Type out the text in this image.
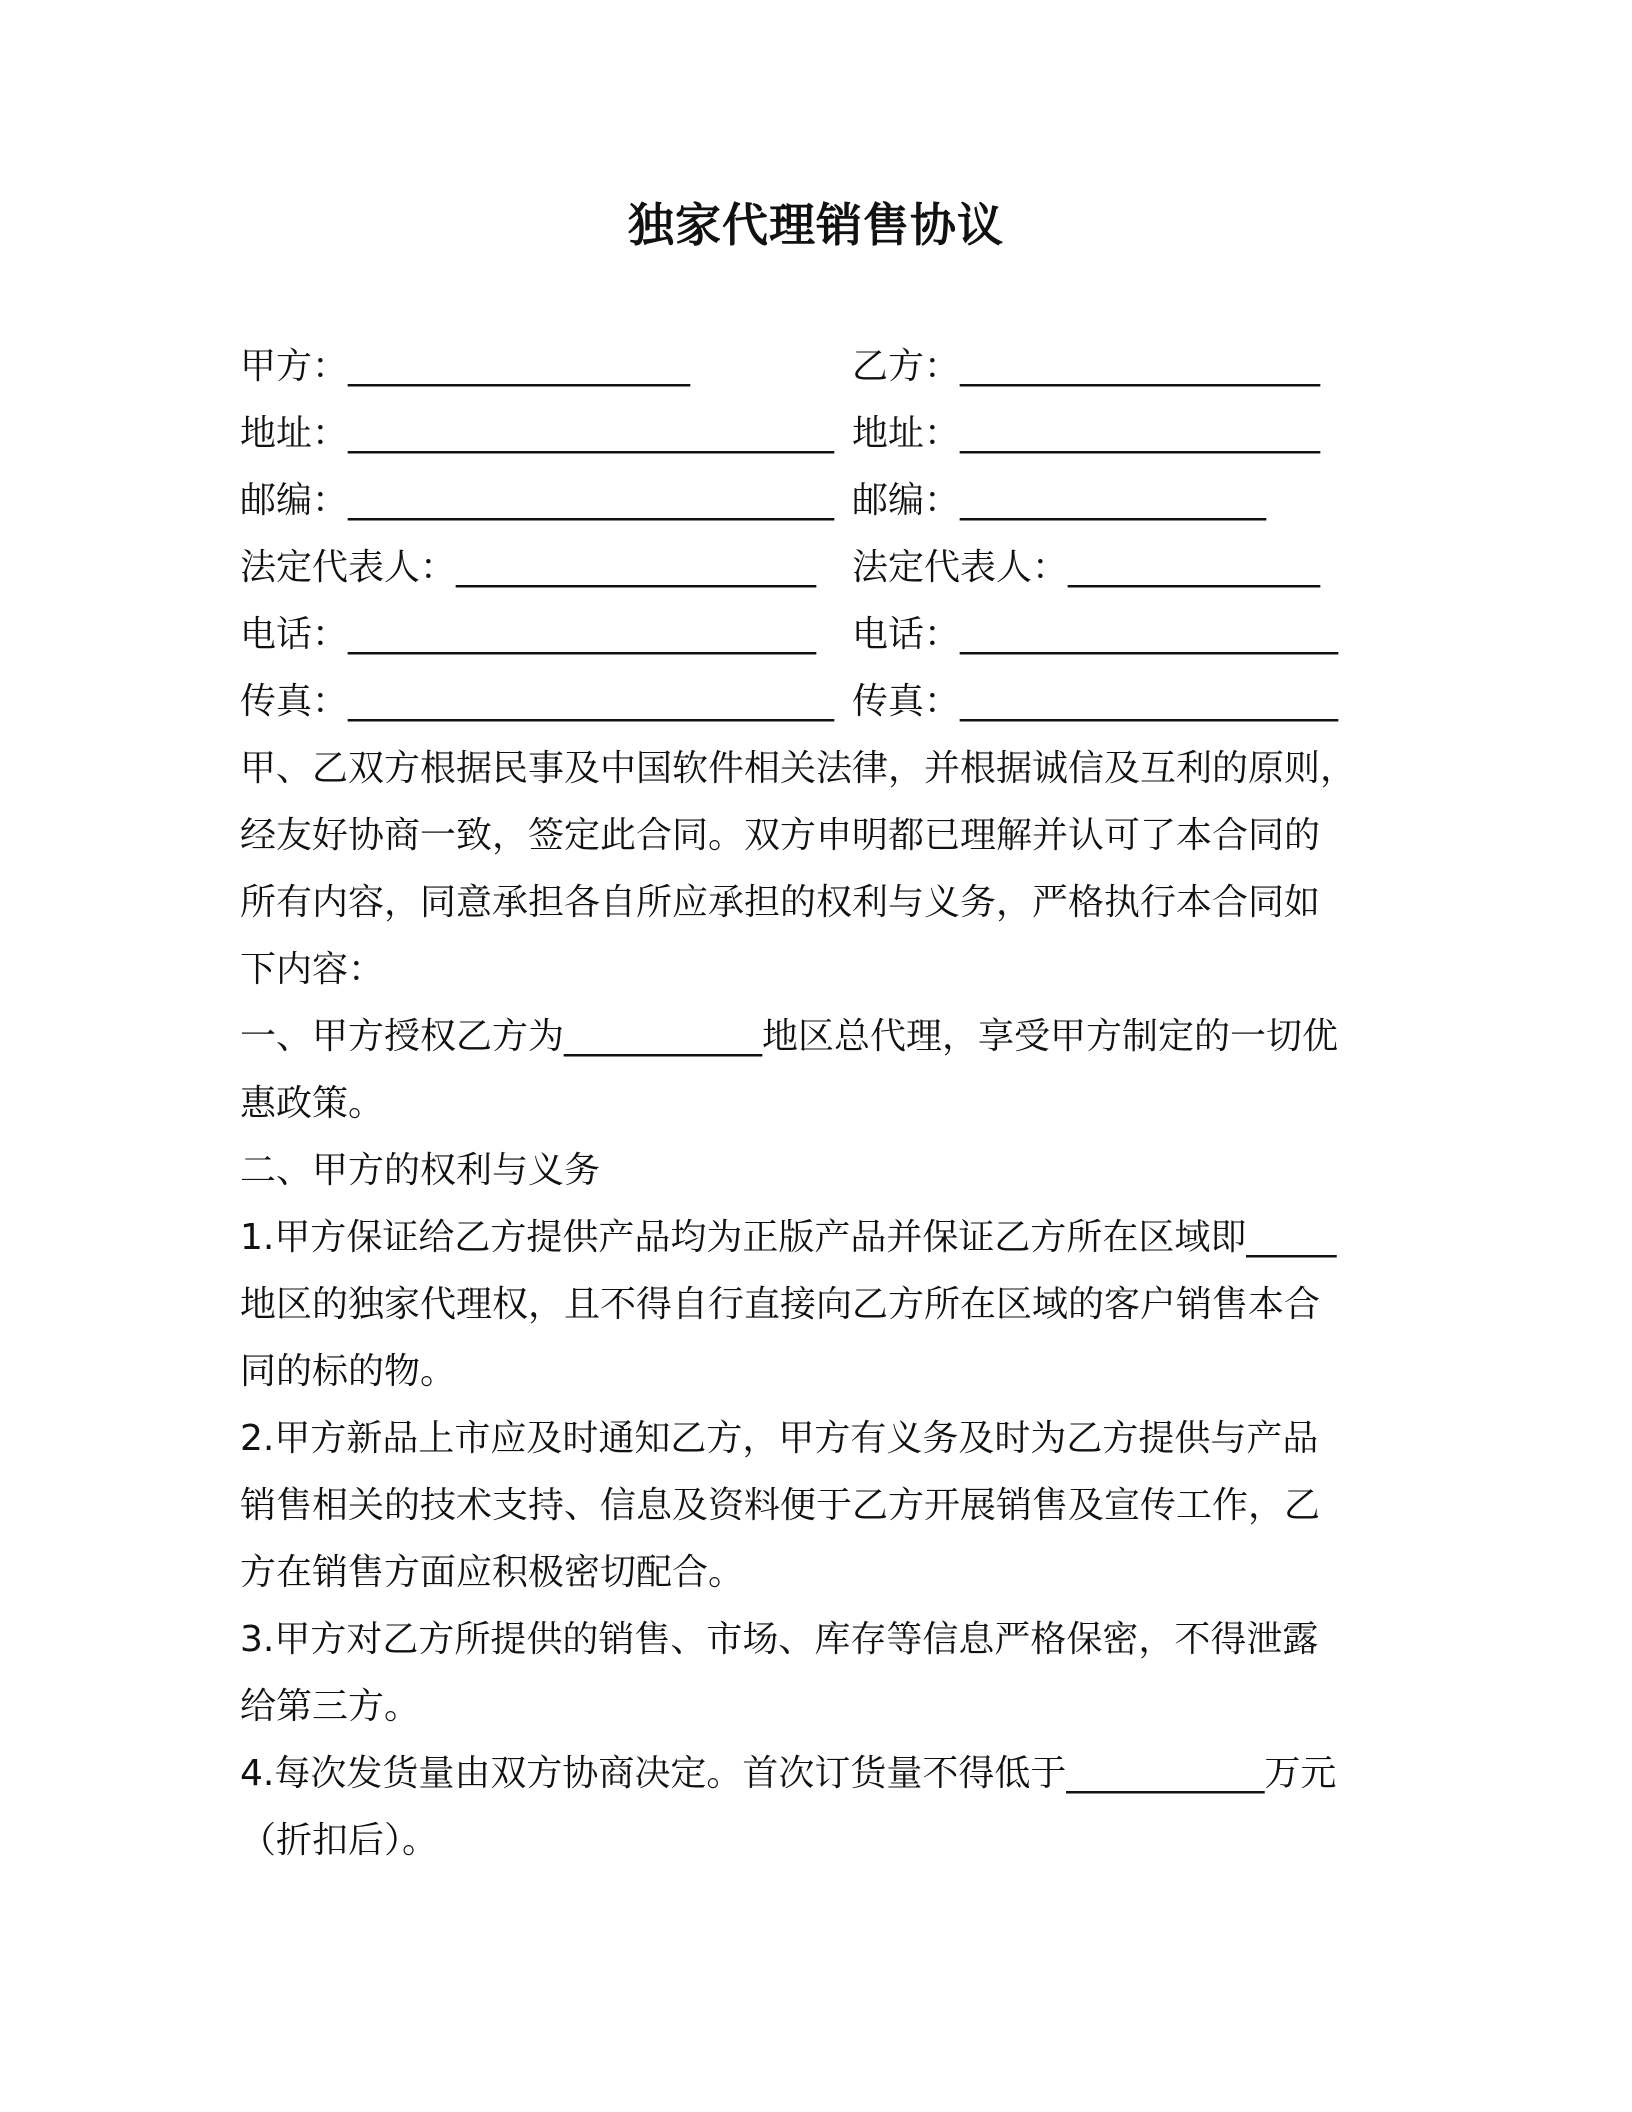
独家代理销售协议
甲方：___________________	乙方：____________________
地址：___________________________ 地址：____________________
邮编：___________________________ 邮编：_________________
法定代表人：____________________ 法定代表人：______________
电话：__________________________ 电话：_____________________
传真：___________________________ 传真：_____________________
甲、乙双方根据民事及中国软件相关法律，并根据诚信及互利的原则，
经友好协商一致，签定此合同。双方申明都已理解并认可了本合同的
所有内容，同意承担各自所应承担的权利与义务，严格执行本合同如
下内容：
一、甲方授权乙方为___________地区总代理，享受甲方制定的一切优
惠政策。
二、甲方的权利与义务
1.甲方保证给乙方提供产品均为正版产品并保证乙方所在区域即_____
地区的独家代理权，且不得自行直接向乙方所在区域的客户销售本合
同的标的物。
2.甲方新品上市应及时通知乙方，甲方有义务及时为乙方提供与产品
销售相关的技术支持、信息及资料便于乙方开展销售及宣传工作，乙
方在销售方面应积极密切配合。
3.甲方对乙方所提供的销售、市场、库存等信息严格保密，不得泄露
给第三方。
4.每次发货量由双方协商决定。首次订货量不得低于___________万元
（折扣后）。
